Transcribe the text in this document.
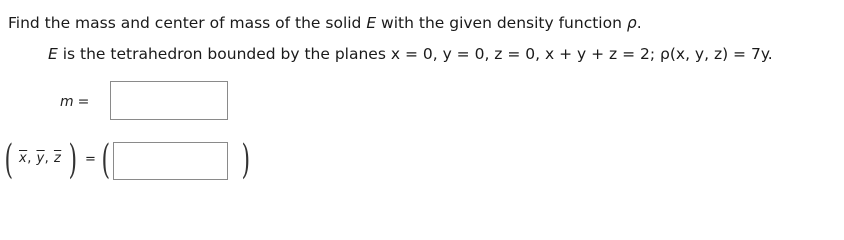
Find the mass and center of mass of the solid E with the given density function ρ.
E is the tetrahedron bounded by the planes x = 0, y = 0, z = 0, x + y + z = 2; ρ(x, y, z) = 7y.
m =
( $\overline{x}$, $\overline{y}$, $\overline{z}$ ) = (	)
